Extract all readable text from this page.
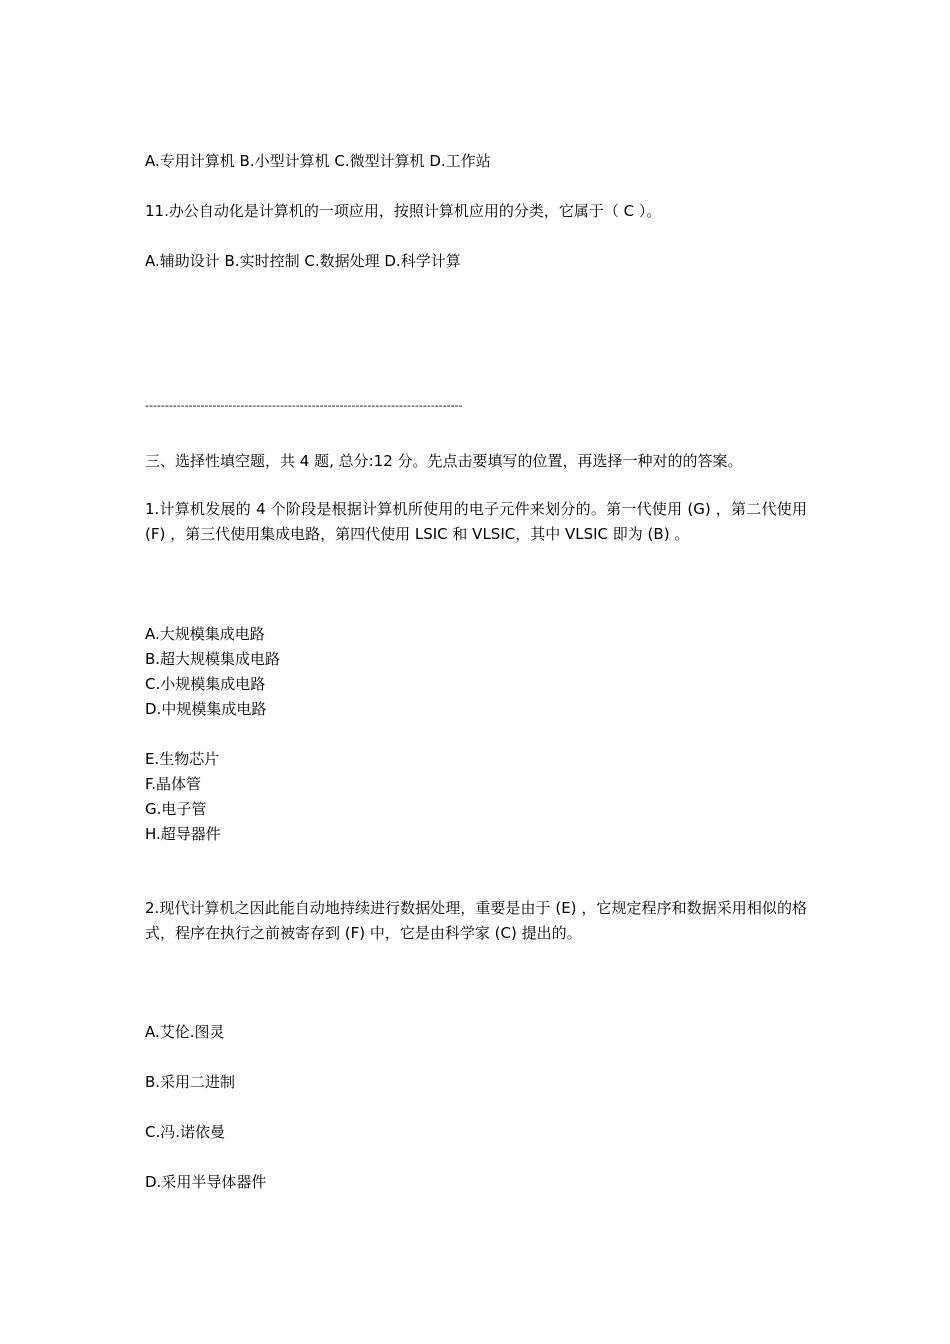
A.专用计算机 B.小型计算机 C.微型计算机 D.工作站
11.办公自动化是计算机的一项应用，按照计算机应用的分类，它属于（ C ）。
A.辅助设计 B.实时控制 C.数据处理 D.科学计算
--------------------------------------------------------------------------------
三、选择性填空题，共 4 题, 总分:12 分。先点击要填写的位置，再选择一种对的的答案。
1.计算机发展的 4 个阶段是根据计算机所使用的电子元件来划分的。第一代使用 (G) ，第二代使用 (F) ，第三代使用集成电路，第四代使用 LSIC 和 VLSIC，其中 VLSIC 即为 (B) 。
A.大规模集成电路
B.超大规模集成电路
C.小规模集成电路
D.中规模集成电路
E.生物芯片
F.晶体管
G.电子管
H.超导器件
2.现代计算机之因此能自动地持续进行数据处理，重要是由于 (E) ，它规定程序和数据采用相似的格式，程序在执行之前被寄存到 (F) 中，它是由科学家 (C) 提出的。
A.艾伦.图灵
B.采用二进制
C.冯.诺依曼
D.采用半导体器件
